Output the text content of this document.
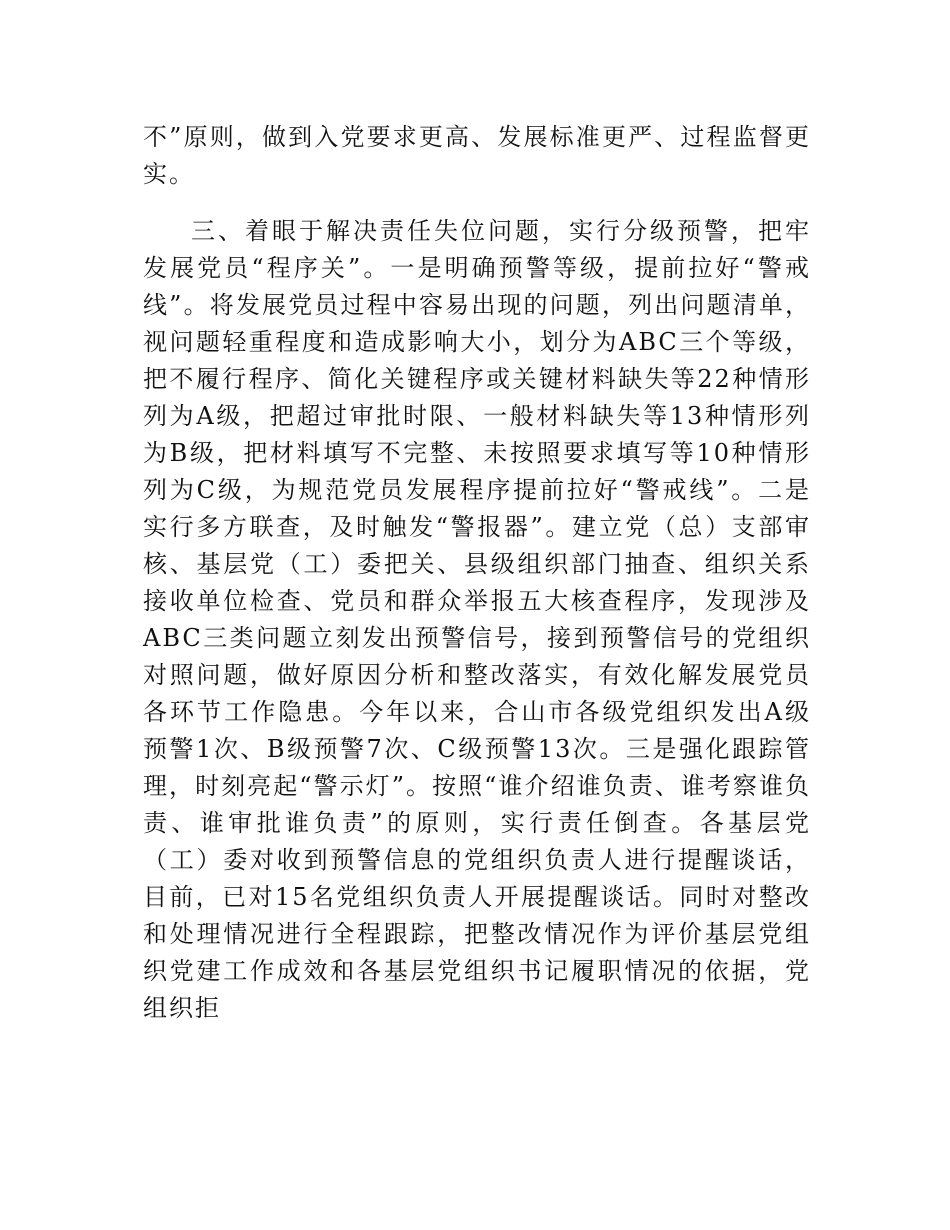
不”原则，做到入党要求更高、发展标准更严、过程监督更实。

三、着眼于解决责任失位问题，实行分级预警，把牢发展党员“程序关”。一是明确预警等级，提前拉好“警戒线”。将发展党员过程中容易出现的问题，列出问题清单，视问题轻重程度和造成影响大小，划分为ABC三个等级，把不履行程序、简化关键程序或关键材料缺失等22种情形列为A级，把超过审批时限、一般材料缺失等13种情形列为B级，把材料填写不完整、未按照要求填写等10种情形列为C级，为规范党员发展程序提前拉好“警戒线”。二是实行多方联查，及时触发“警报器”。建立党（总）支部审核、基层党（工）委把关、县级组织部门抽查、组织关系接收单位检查、党员和群众举报五大核查程序，发现涉及ABC三类问题立刻发出预警信号，接到预警信号的党组织对照问题，做好原因分析和整改落实，有效化解发展党员各环节工作隐患。今年以来，合山市各级党组织发出A级预警1次、B级预警7次、C级预警13次。三是强化跟踪管理，时刻亮起“警示灯”。按照“谁介绍谁负责、谁考察谁负责、谁审批谁负责”的原则，实行责任倒查。各基层党（工）委对收到预警信息的党组织负责人进行提醒谈话，目前，已对15名党组织负责人开展提醒谈话。同时对整改和处理情况进行全程跟踪，把整改情况作为评价基层党组织党建工作成效和各基层党组织书记履职情况的依据，党组织拒
